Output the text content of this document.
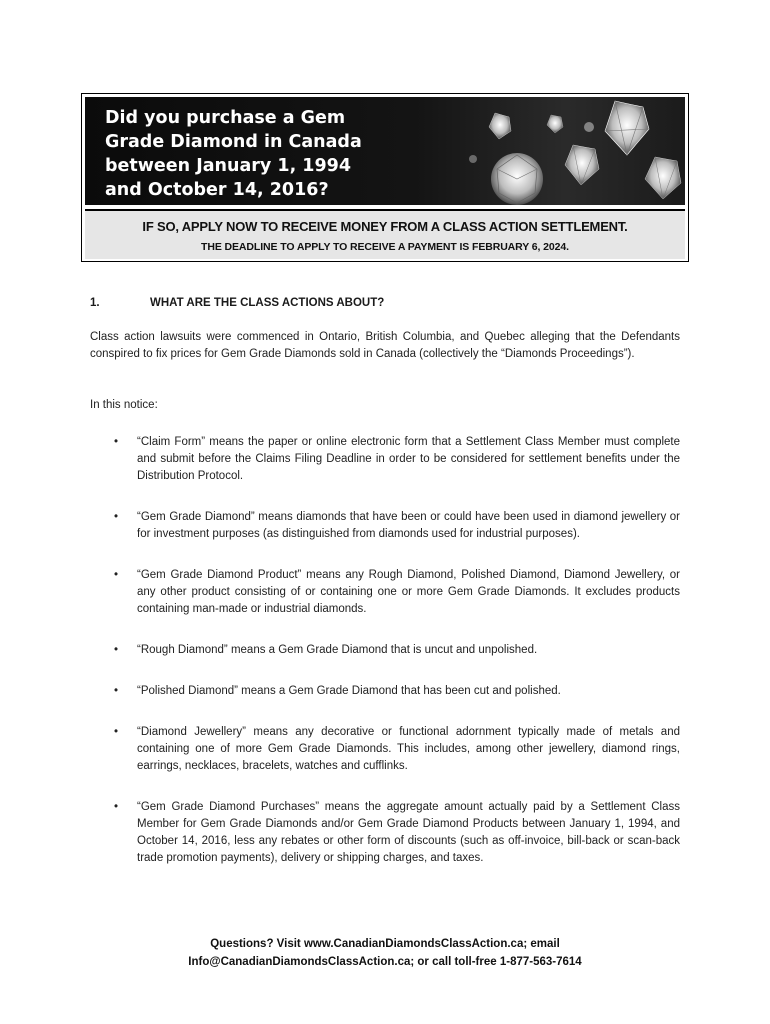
Did you purchase a Gem
Grade Diamond in Canada
between January 1, 1994
and October 14, 2016?

IF SO, APPLY NOW TO RECEIVE MONEY FROM A CLASS ACTION SETTLEMENT.

THE DEADLINE TO APPLY TO RECEIVE A PAYMENT IS FEBRUARY 6, 2024.

1.	WHAT ARE THE CLASS ACTIONS ABOUT?

Class action lawsuits were commenced in Ontario, British Columbia, and Quebec alleging that the Defendants conspired to fix prices for Gem Grade Diamonds sold in Canada (collectively the “Diamonds Proceedings”).

In this notice:

• “Claim Form” means the paper or online electronic form that a Settlement Class Member must complete and submit before the Claims Filing Deadline in order to be considered for settlement benefits under the Distribution Protocol.
• “Gem Grade Diamond” means diamonds that have been or could have been used in diamond jewellery or for investment purposes (as distinguished from diamonds used for industrial purposes).
• “Gem Grade Diamond Product” means any Rough Diamond, Polished Diamond, Diamond Jewellery, or any other product consisting of or containing one or more Gem Grade Diamonds. It excludes products containing man-made or industrial diamonds.
• “Rough Diamond” means a Gem Grade Diamond that is uncut and unpolished.
• “Polished Diamond” means a Gem Grade Diamond that has been cut and polished.
• “Diamond Jewellery” means any decorative or functional adornment typically made of metals and containing one of more Gem Grade Diamonds. This includes, among other jewellery, diamond rings, earrings, necklaces, bracelets, watches and cufflinks.
• “Gem Grade Diamond Purchases” means the aggregate amount actually paid by a Settlement Class Member for Gem Grade Diamonds and/or Gem Grade Diamond Products between January 1, 1994, and October 14, 2016, less any rebates or other form of discounts (such as off-invoice, bill-back or scan-back trade promotion payments), delivery or shipping charges, and taxes.
Questions? Visit www.CanadianDiamondsClassAction.ca; email
Info@CanadianDiamondsClassAction.ca; or call toll-free 1-877-563-7614
